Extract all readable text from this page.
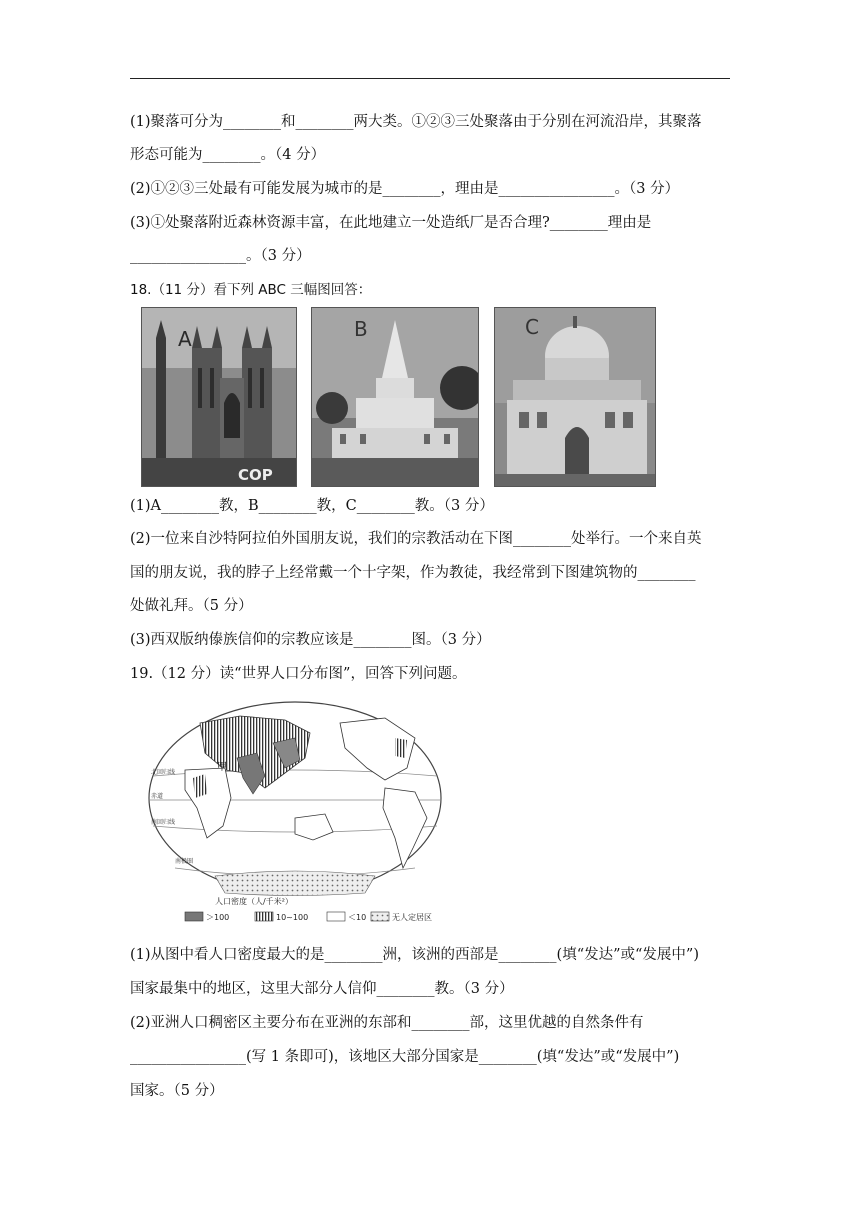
(1)聚落可分为________和________两大类。①②③三处聚落由于分别在河流沿岸，其聚落
形态可能为________。（4 分）
(2)①②③三处最有可能发展为城市的是________，理由是________________。（3 分）
(3)①处聚落附近森林资源丰富，在此地建立一处造纸厂是否合理?________理由是
________________。（3 分）
18.（11 分）看下列 ABC 三幅图回答：
A
COP
B	C
(1)A________教，B________教，C________教。（3 分）
(2)一位来自沙特阿拉伯外国朋友说，我们的宗教活动在下图________处举行。一个来自英
国的朋友说，我的脖子上经常戴一个十字架，作为教徒，我经常到下图建筑物的________
处做礼拜。（5 分）
(3)西双版纳傣族信仰的宗教应该是________图。（3 分）
19.（12 分）读“世界人口分布图”，回答下列问题。
北回归线
赤道
南回归线
南极圈
甲
人口密度（人/千米²）
＞100	10~100	＜10	无人定居区
(1)从图中看人口密度最大的是________洲，该洲的西部是________(填“发达”或“发展中”)
国家最集中的地区，这里大部分人信仰________教。（3 分）
(2)亚洲人口稠密区主要分布在亚洲的东部和________部，这里优越的自然条件有
________________(写 1 条即可)，该地区大部分国家是________(填“发达”或“发展中”)
国家。（5 分）
